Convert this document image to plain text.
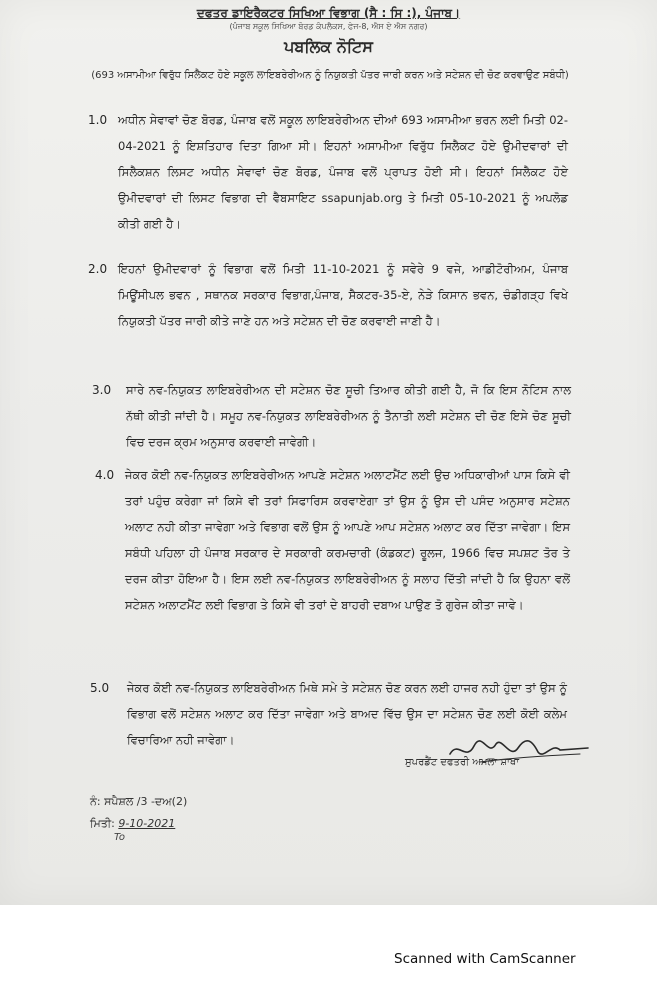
ਦਫਤਰ ਡਾਇਰੈਕਟਰ ਸਿਖਿਆ ਵਿਭਾਗ (ਸੈ : ਸਿ :), ਪੰਜਾਬ।
(ਪੰਜਾਬ ਸਕੂਲ ਸਿਖਿਆ ਬੋਰਡ ਕੰਪਲੈਕਸ, ਫੇਜ-8, ਐਸ ਏ ਐਸ ਨਗਰ)
ਪਬਲਿਕ ਨੋਟਿਸ
(693 ਅਸਾਮੀਆ ਵਿਰੁੱਧ ਸਿਲੈਕਟ ਹੋਏ ਸਕੂਲ ਲਾਇਬਰੇਰੀਅਨ ਨੂੰ ਨਿਯੁਕਤੀ ਪੱਤਰ ਜਾਰੀ ਕਰਨ ਅਤੇ ਸਟੇਸ਼ਨ ਦੀ ਚੋਣ ਕਰਵਾਉਣ ਸਬੰਧੀ)
1.0 ਅਧੀਨ ਸੇਵਾਵਾਂ ਚੋਣ ਬੋਰਡ, ਪੰਜਾਬ ਵਲੋਂ ਸਕੂਲ ਲਾਇਬਰੇਰੀਅਨ ਦੀਆਂ 693 ਅਸਾਮੀਆ ਭਰਨ ਲਈ ਮਿਤੀ 02-04-2021 ਨੂੰ ਇਸ਼ਤਿਹਾਰ ਦਿਤਾ ਗਿਆ ਸੀ। ਇਹਨਾਂ ਅਸਾਮੀਆ ਵਿਰੁੱਧ ਸਿਲੈਕਟ ਹੋਏ ਉਮੀਦਵਾਰਾਂ ਦੀ ਸਿਲੈਕਸ਼ਨ ਲਿਸਟ ਅਧੀਨ ਸੇਵਾਵਾਂ ਚੋਣ ਬੋਰਡ, ਪੰਜਾਬ ਵਲੋਂ ਪ੍ਰਾਪਤ ਹੋਈ ਸੀ। ਇਹਨਾਂ ਸਿਲੈਕਟ ਹੋਏ ਉਮੀਦਵਾਰਾਂ ਦੀ ਲਿਸਟ ਵਿਭਾਗ ਦੀ ਵੈਬਸਾਇਟ ssapunjab.org ਤੇ ਮਿਤੀ 05-10-2021 ਨੂੰ ਅਪਲੋਡ ਕੀਤੀ ਗਈ ਹੈ।
2.0 ਇਹਨਾਂ ਉਮੀਦਵਾਰਾਂ ਨੂੰ ਵਿਭਾਗ ਵਲੋਂ ਮਿਤੀ 11-10-2021 ਨੂੰ ਸਵੇਰੇ 9 ਵਜੇ, ਆਡੀਟੋਰੀਅਮ, ਪੰਜਾਬ ਮਿਊਂਸੀਪਲ ਭਵਨ , ਸਥਾਨਕ ਸਰਕਾਰ ਵਿਭਾਗ,ਪੰਜਾਬ, ਸੈਕਟਰ-35-ਏ, ਨੇੜੇ ਕਿਸਾਨ ਭਵਨ, ਚੰਡੀਗੜ੍ਹ ਵਿਖੇ ਨਿਯੁਕਤੀ ਪੱਤਰ ਜਾਰੀ ਕੀਤੇ ਜਾਣੇ ਹਨ ਅਤੇ ਸਟੇਸ਼ਨ ਦੀ ਚੋਣ ਕਰਵਾਈ ਜਾਣੀ ਹੈ।
3.0 ਸਾਰੇ ਨਵ-ਨਿਯੁਕਤ ਲਾਇਬਰੇਰੀਅਨ ਦੀ ਸਟੇਸ਼ਨ ਚੋਣ ਸੂਚੀ ਤਿਆਰ ਕੀਤੀ ਗਈ ਹੈ, ਜੋ ਕਿ ਇਸ ਨੋਟਿਸ ਨਾਲ ਨੱਥੀ ਕੀਤੀ ਜਾਂਦੀ ਹੈ। ਸਮੂਹ ਨਵ-ਨਿਯੁਕਤ ਲਾਇਬਰੇਰੀਅਨ ਨੂੰ ਤੈਨਾਤੀ ਲਈ ਸਟੇਸ਼ਨ ਦੀ ਚੋਣ ਇਸੇ ਚੋਣ ਸੂਚੀ ਵਿਚ ਦਰਜ ਕ੍ਰਮ ਅਨੁਸਾਰ ਕਰਵਾਈ ਜਾਵੇਗੀ।
4.0 ਜੇਕਰ ਕੋਈ ਨਵ-ਨਿਯੁਕਤ ਲਾਇਬਰੇਰੀਅਨ ਆਪਣੇ ਸਟੇਸ਼ਨ ਅਲਾਟਮੈਂਟ ਲਈ ਉਚ ਅਧਿਕਾਰੀਆਂ ਪਾਸ ਕਿਸੇ ਵੀ ਤਰਾਂ ਪਹੁੰਚ ਕਰੇਗਾ ਜਾਂ ਕਿਸੇ ਵੀ ਤਰਾਂ ਸਿਫਾਰਿਸ ਕਰਵਾਏਗਾ ਤਾਂ ਉਸ ਨੂੰ ਉਸ ਦੀ ਪਸੰਦ ਅਨੁਸਾਰ ਸਟੇਸ਼ਨ ਅਲਾਟ ਨਹੀ ਕੀਤਾ ਜਾਵੇਗਾ ਅਤੇ ਵਿਭਾਗ ਵਲੋਂ ਉਸ ਨੂੰ ਆਪਣੇ ਆਪ ਸਟੇਸ਼ਨ ਅਲਾਟ ਕਰ ਦਿੱਤਾ ਜਾਵੇਗਾ। ਇਸ ਸਬੰਧੀ ਪਹਿਲਾ ਹੀ ਪੰਜਾਬ ਸਰਕਾਰ ਦੇ ਸਰਕਾਰੀ ਕਰਮਚਾਰੀ (ਕੰਡਕਟ) ਰੂਲਜ, 1966 ਵਿਚ ਸਪਸ਼ਟ ਤੋਰ ਤੇ ਦਰਜ ਕੀਤਾ ਹੋਇਆ ਹੈ। ਇਸ ਲਈ ਨਵ-ਨਿਯੁਕਤ ਲਾਇਬਰੇਰੀਅਨ ਨੂੰ ਸਲਾਹ ਦਿੱਤੀ ਜਾਂਦੀ ਹੈ ਕਿ ਉਹਨਾ ਵਲੋਂ ਸਟੇਸ਼ਨ ਅਲਾਟਮੈਂਟ ਲਈ ਵਿਭਾਗ ਤੇ ਕਿਸੇ ਵੀ ਤਰਾਂ ਦੇ ਬਾਹਰੀ ਦਬਾਅ ਪਾਉਣ ਤੋ ਗੁਰੇਜ ਕੀਤਾ ਜਾਵੇ।
5.0 ਜੇਕਰ ਕੋਈ ਨਵ-ਨਿਯੁਕਤ ਲਾਇਬਰੇਰੀਅਨ ਮਿਥੇ ਸਮੇ ਤੇ ਸਟੇਸ਼ਨ ਚੋਣ ਕਰਨ ਲਈ ਹਾਜਰ ਨਹੀ ਹੁੰਦਾ ਤਾਂ ਉਸ ਨੂੰ ਵਿਭਾਗ ਵਲੋਂ ਸਟੇਸ਼ਨ ਅਲਾਟ ਕਰ ਦਿੱਤਾ ਜਾਵੇਗਾ ਅਤੇ ਬਾਅਦ ਵਿੱਚ ਉਸ ਦਾ ਸਟੇਸ਼ਨ ਚੋਣ ਲਈ ਕੋਈ ਕਲੇਮ ਵਿਚਾਰਿਆ ਨਹੀ ਜਾਵੇਗਾ।
ਸੁਪਰਡੈਂਟ ਦਫਤਰੀ ਅਮਲਾ ਸ਼ਾਖਾ
ਨੰ: ਸਪੈਸ਼ਲ /3 -ਦਅ(2)
ਮਿਤੀ: 9-10-2021
To
Scanned with CamScanner
